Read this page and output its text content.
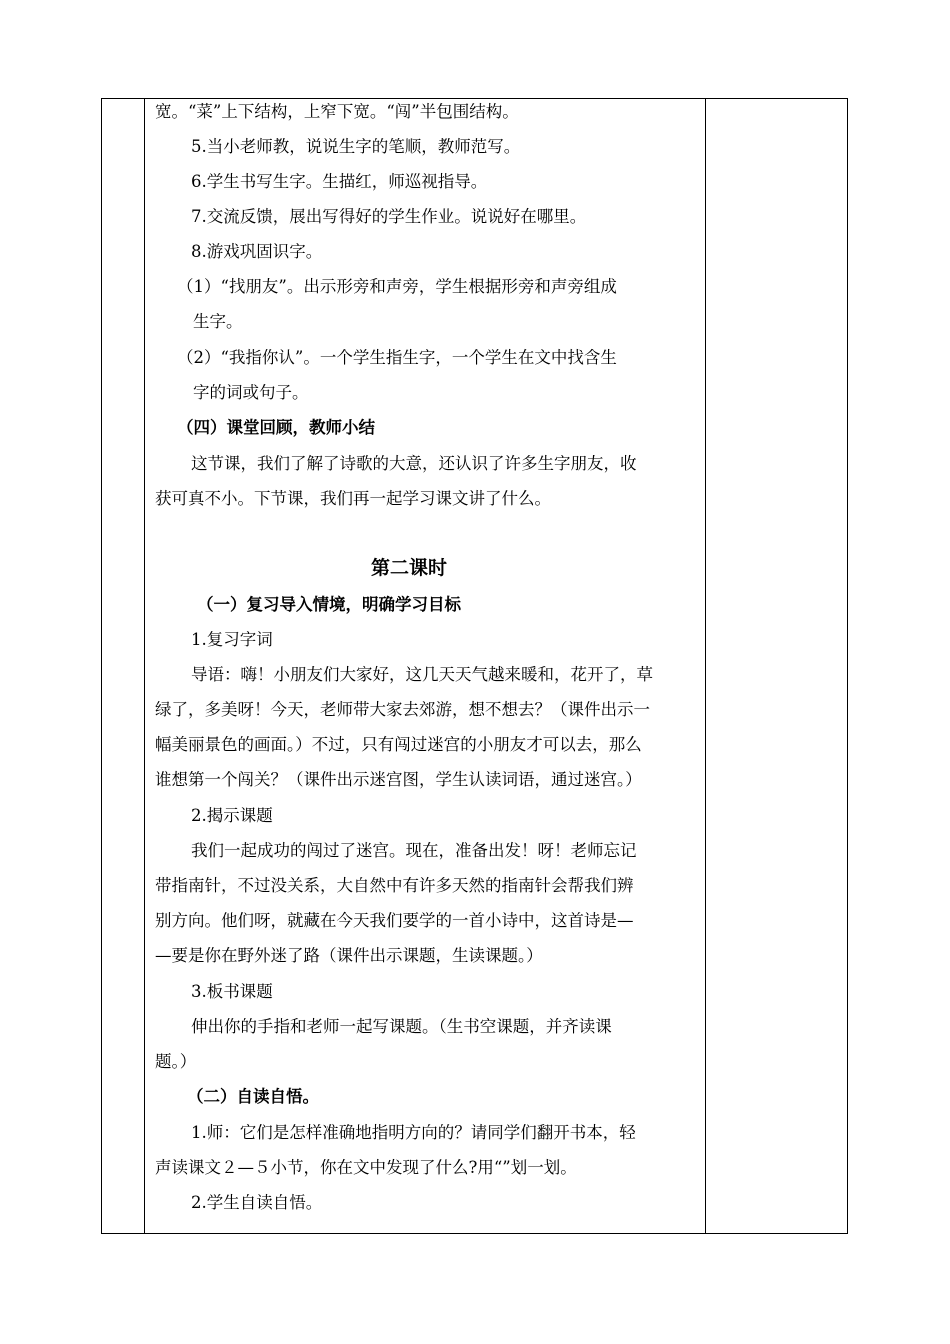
宽。“菜”上下结构，上窄下宽。“闯”半包围结构。
5.当小老师教，说说生字的笔顺，教师范写。
6.学生书写生字。生描红，师巡视指导。
7.交流反馈，展出写得好的学生作业。说说好在哪里。
8.游戏巩固识字。
（1）“找朋友”。出示形旁和声旁，学生根据形旁和声旁组成
生字。
（2）“我指你认”。一个学生指生字，一个学生在文中找含生
字的词或句子。
（四）课堂回顾，教师小结
这节课，我们了解了诗歌的大意，还认识了许多生字朋友，收
获可真不小。下节课，我们再一起学习课文讲了什么。
第二课时
（一）复习导入情境，明确学习目标
1.复习字词
导语：嗨！小朋友们大家好，这几天天气越来暖和，花开了，草
绿了，多美呀！今天，老师带大家去郊游，想不想去？（课件出示一
幅美丽景色的画面。）不过，只有闯过迷宫的小朋友才可以去，那么
谁想第一个闯关？（课件出示迷宫图，学生认读词语，通过迷宫。）
2.揭示课题
我们一起成功的闯过了迷宫。现在，准备出发！呀！老师忘记
带指南针，不过没关系，大自然中有许多天然的指南针会帮我们辨
别方向。他们呀，就藏在今天我们要学的一首小诗中，这首诗是—
—要是你在野外迷了路（课件出示课题，生读课题。）
3.板书课题
伸出你的手指和老师一起写课题。（生书空课题，并齐读课
题。）
（二）自读自悟。
1.师：它们是怎样准确地指明方向的？请同学们翻开书本，轻
声读课文２—５小节，你在文中发现了什么?用“”划一划。
2.学生自读自悟。
